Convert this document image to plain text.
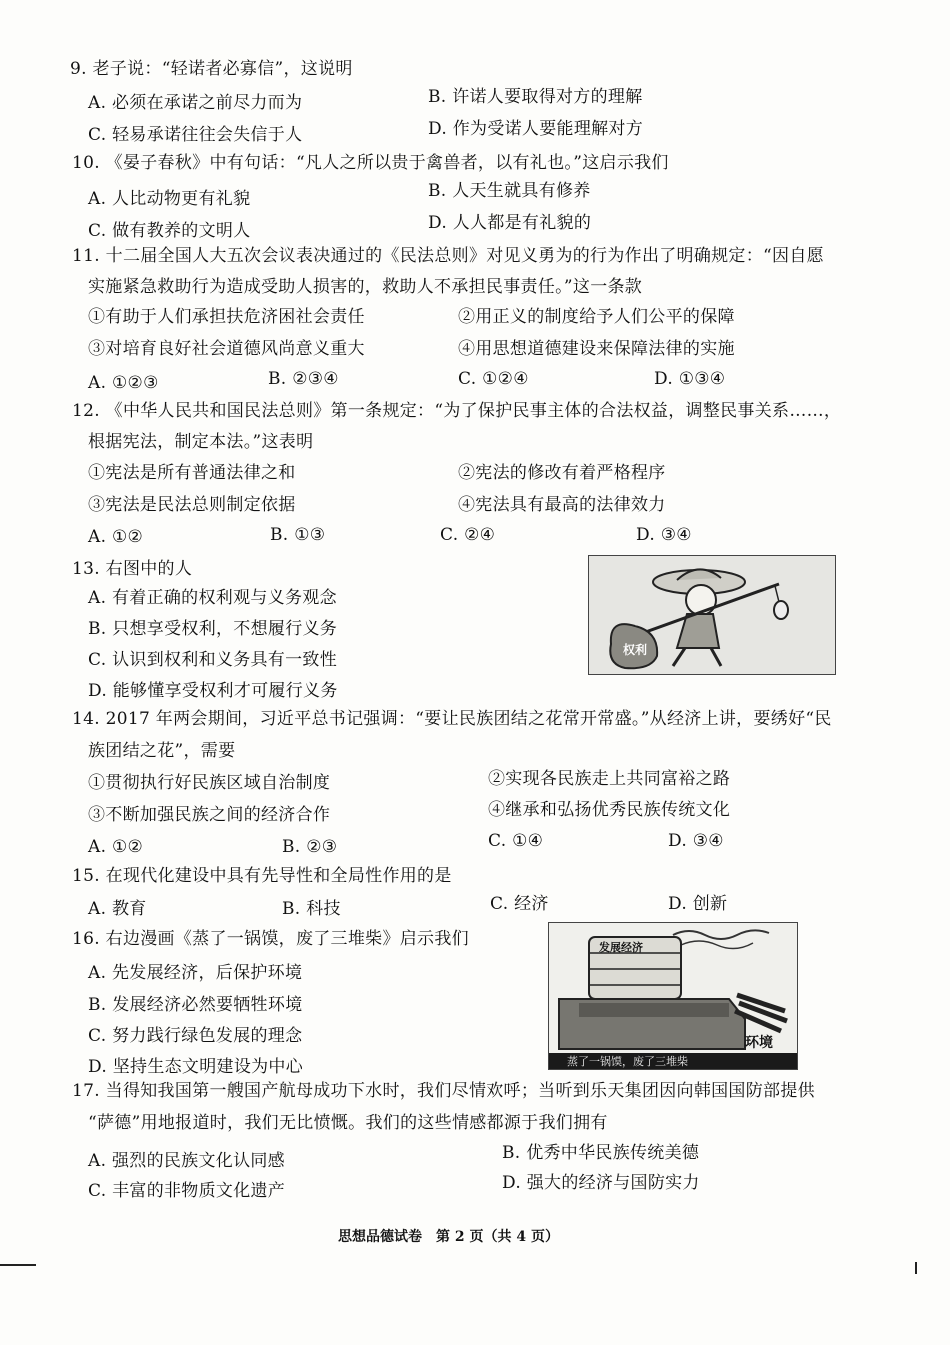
9. 老子说：“轻诺者必寡信”，这说明
A. 必须在承诺之前尽力而为	B. 许诺人要取得对方的理解
C. 轻易承诺往往会失信于人	D. 作为受诺人要能理解对方
10. 《晏子春秋》中有句话：“凡人之所以贵于禽兽者，以有礼也。”这启示我们
A. 人比动物更有礼貌	B. 人天生就具有修养
C. 做有教养的文明人	D. 人人都是有礼貌的
11. 十二届全国人大五次会议表决通过的《民法总则》对见义勇为的行为作出了明确规定：“因自愿
实施紧急救助行为造成受助人损害的，救助人不承担民事责任。”这一条款
①有助于人们承担扶危济困社会责任	②用正义的制度给予人们公平的保障
③对培育良好社会道德风尚意义重大	④用思想道德建设来保障法律的实施
A. ①②③	B. ②③④	C. ①②④	D. ①③④
12. 《中华人民共和国民法总则》第一条规定：“为了保护民事主体的合法权益，调整民事关系……，
根据宪法，制定本法。”这表明
①宪法是所有普通法律之和	②宪法的修改有着严格程序
③宪法是民法总则制定依据	④宪法具有最高的法律效力
A. ①②	B. ①③	C. ②④	D. ③④
13. 右图中的人
A. 有着正确的权利观与义务观念
B. 只想享受权利，不想履行义务
C. 认识到权利和义务具有一致性
D. 能够懂享受权利才可履行义务
权利
14. 2017 年两会期间，习近平总书记强调：“要让民族团结之花常开常盛。”从经济上讲，要绣好“民
族团结之花”，需要
①贯彻执行好民族区域自治制度	②实现各民族走上共同富裕之路
③不断加强民族之间的经济合作	④继承和弘扬优秀民族传统文化
A. ①②	B. ②③	C. ①④	D. ③④
15. 在现代化建设中具有先导性和全局性作用的是
A. 教育	B. 科技	C. 经济	D. 创新
16. 右边漫画《蒸了一锅馍，废了三堆柴》启示我们
A. 先发展经济，后保护环境
B. 发展经济必然要牺牲环境
C. 努力践行绿色发展的理念
D. 坚持生态文明建设为中心
发展经济
环境
蒸了一锅馍，废了三堆柴
17. 当得知我国第一艘国产航母成功下水时，我们尽情欢呼；当听到乐天集团因向韩国国防部提供
“萨德”用地报道时，我们无比愤慨。我们的这些情感都源于我们拥有
A. 强烈的民族文化认同感	B. 优秀中华民族传统美德
C. 丰富的非物质文化遗产	D. 强大的经济与国防实力
思想品德试卷　第 2 页（共 4 页）
